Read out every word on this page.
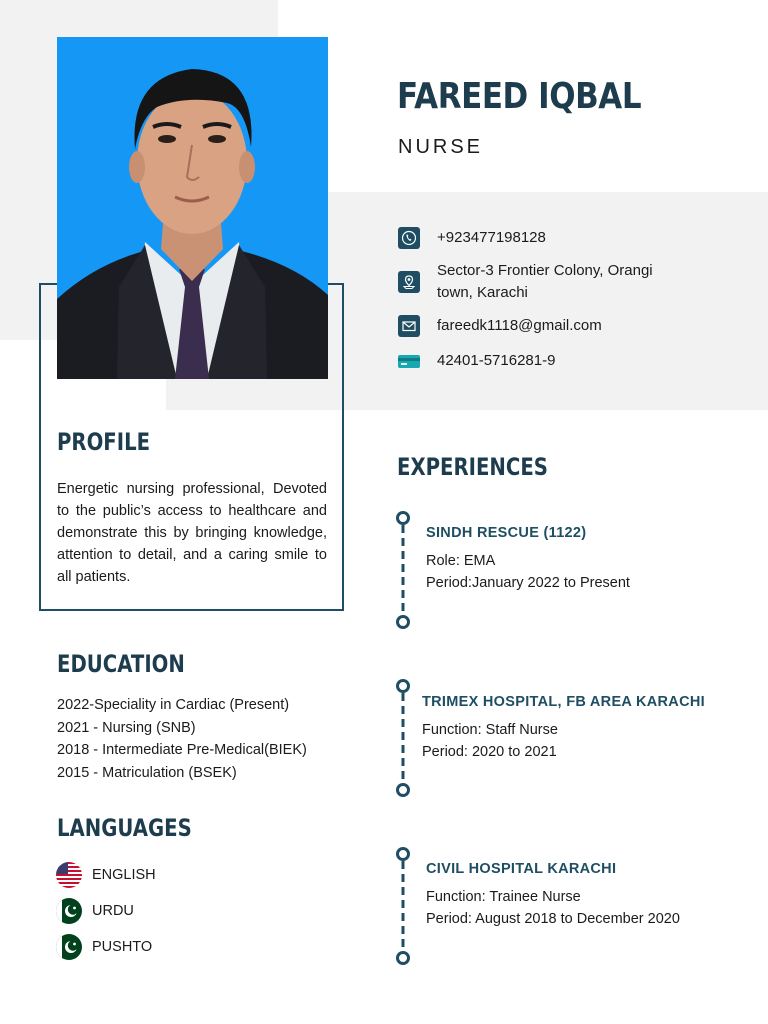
FAREED IQBAL
NURSE
+923477198128
Sector-3 Frontier Colony, Orangi town, Karachi
fareedk1118@gmail.com
42401-5716281-9
PROFILE
Energetic nursing professional, Devoted to the public’s access to healthcare and demonstrate this by bringing knowledge, attention to detail, and a caring smile to all patients.
EDUCATION
2022-Speciality in Cardiac (Present)
2021 - Nursing (SNB)
2018 - Intermediate Pre-Medical(BIEK)
2015 - Matriculation (BSEK)
LANGUAGES
ENGLISH
URDU
PUSHTO
EXPERIENCES
SINDH RESCUE (1122)
Role: EMA
Period:January 2022 to Present
TRIMEX HOSPITAL, FB AREA KARACHI
Function: Staff Nurse
Period: 2020 to 2021
CIVIL HOSPITAL KARACHI
Function: Trainee Nurse
Period: August 2018 to December 2020
